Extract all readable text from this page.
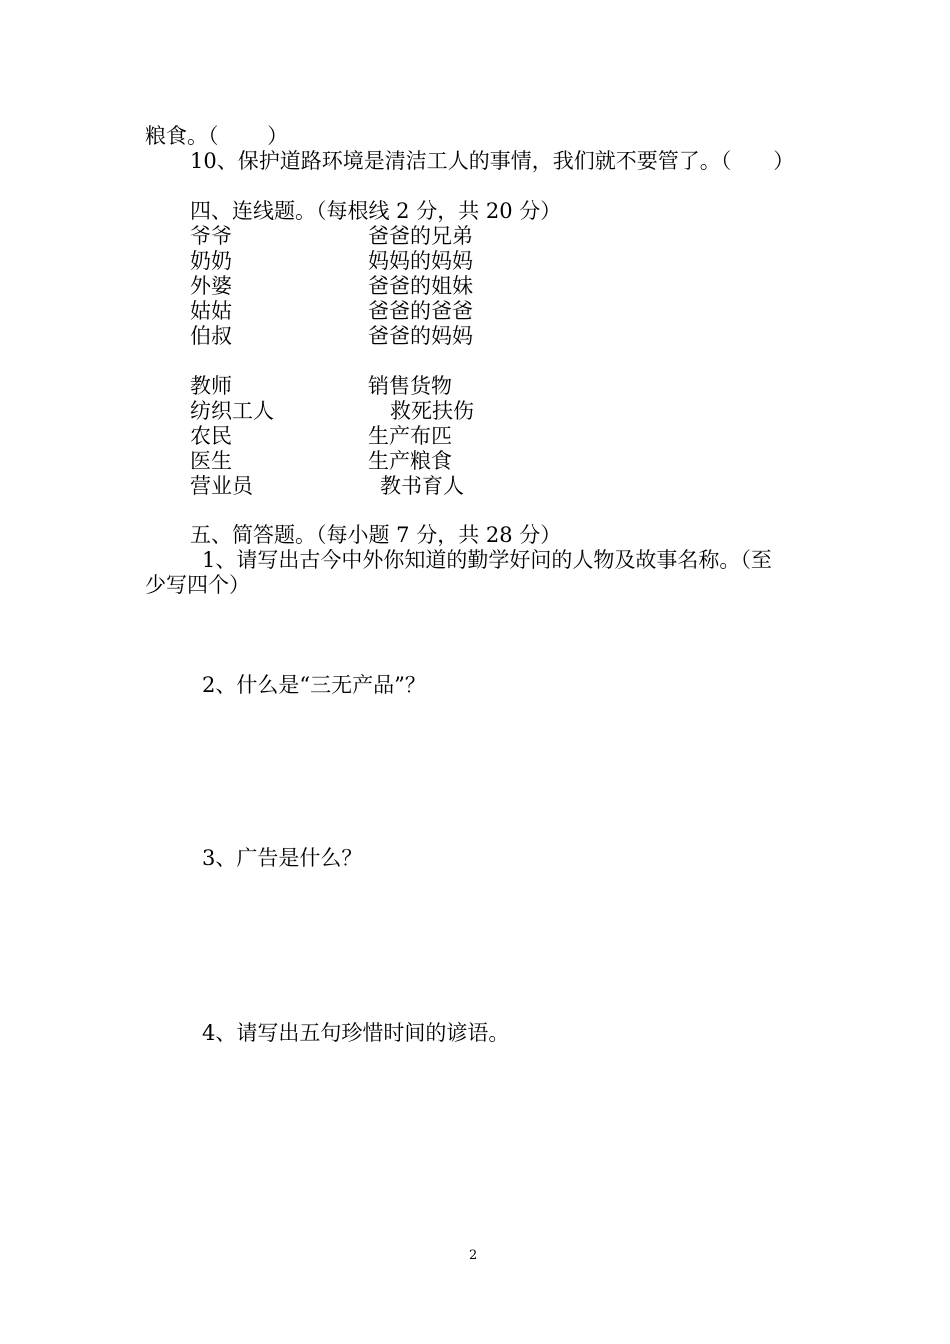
粮食。（　　 ）
10、保护道路环境是清洁工人的事情，我们就不要管了。（　　）
四、连线题。（每根线 2 分，共 20 分）
爷爷	爸爸的兄弟
奶奶	妈妈的妈妈
外婆	爸爸的姐妹
姑姑	爸爸的爸爸
伯叔	爸爸的妈妈
教师	销售货物
纺织工人	救死扶伤
农民	生产布匹
医生	生产粮食
营业员	教书育人
五、简答题。（每小题 7 分，共 28 分）
1、请写出古今中外你知道的勤学好问的人物及故事名称。（至
少写四个）
2、什么是“三无产品”？
3、广告是什么？
4、请写出五句珍惜时间的谚语。
2
